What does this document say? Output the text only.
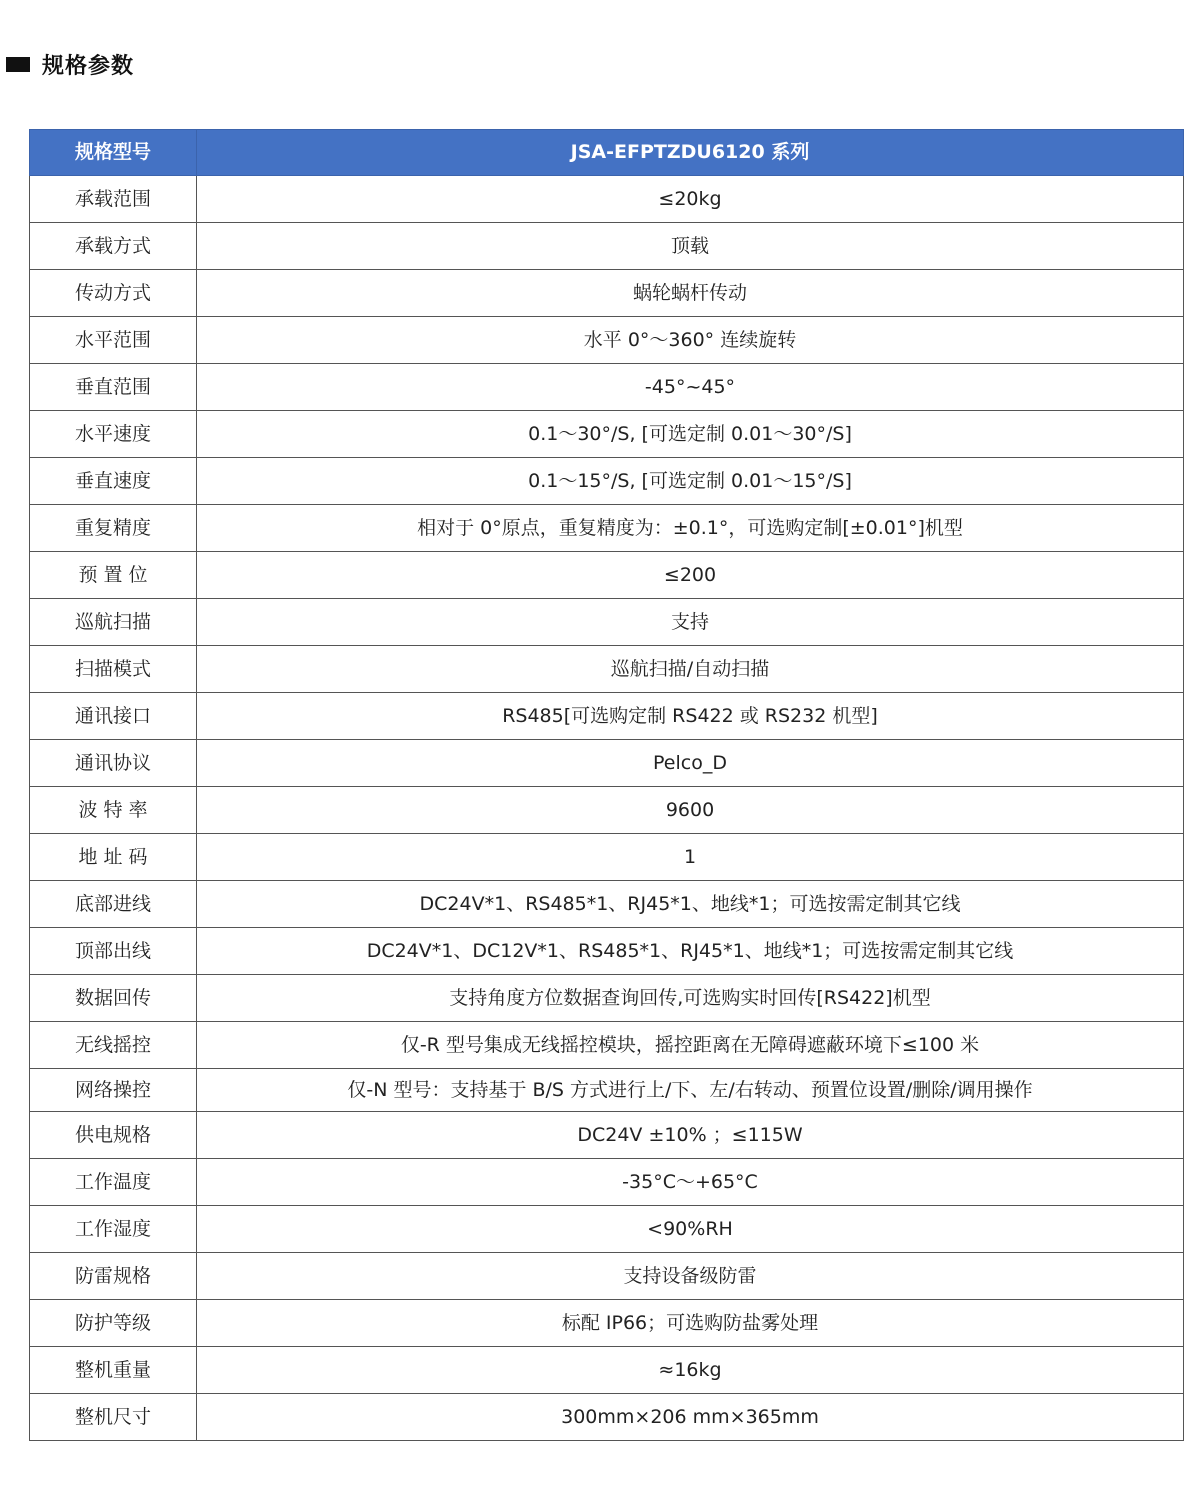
规格参数
规格型号	JSA-EFPTZDU6120 系列
承载范围	≤20kg
承载方式	顶载
传动方式	蜗轮蜗杆传动
水平范围	水平 0°～360° 连续旋转
垂直范围	-45°~45°
水平速度	0.1～30°/S, [可选定制 0.01～30°/S]
垂直速度	0.1～15°/S, [可选定制 0.01～15°/S]
重复精度	相对于 0°原点，重复精度为：±0.1°，可选购定制[±0.01°]机型
预 置 位	≤200
巡航扫描	支持
扫描模式	巡航扫描/自动扫描
通讯接口	RS485[可选购定制 RS422 或 RS232 机型]
通讯协议	Pelco_D
波 特 率	9600
地 址 码	1
底部进线	DC24V*1、RS485*1、RJ45*1、地线*1；可选按需定制其它线
顶部出线	DC24V*1、DC12V*1、RS485*1、RJ45*1、地线*1；可选按需定制其它线
数据回传	支持角度方位数据查询回传,可选购实时回传[RS422]机型
无线摇控	仅-R 型号集成无线摇控模块，摇控距离在无障碍遮蔽环境下≤100 米
网络操控	仅-N 型号：支持基于 B/S 方式进行上/下、左/右转动、预置位设置/删除/调用操作
供电规格	DC24V ±10% ；≤115W
工作温度	-35°C～+65°C
工作湿度	<90%RH
防雷规格	支持设备级防雷
防护等级	标配 IP66；可选购防盐雾处理
整机重量	≈16kg
整机尺寸	300mm×206 mm×365mm
